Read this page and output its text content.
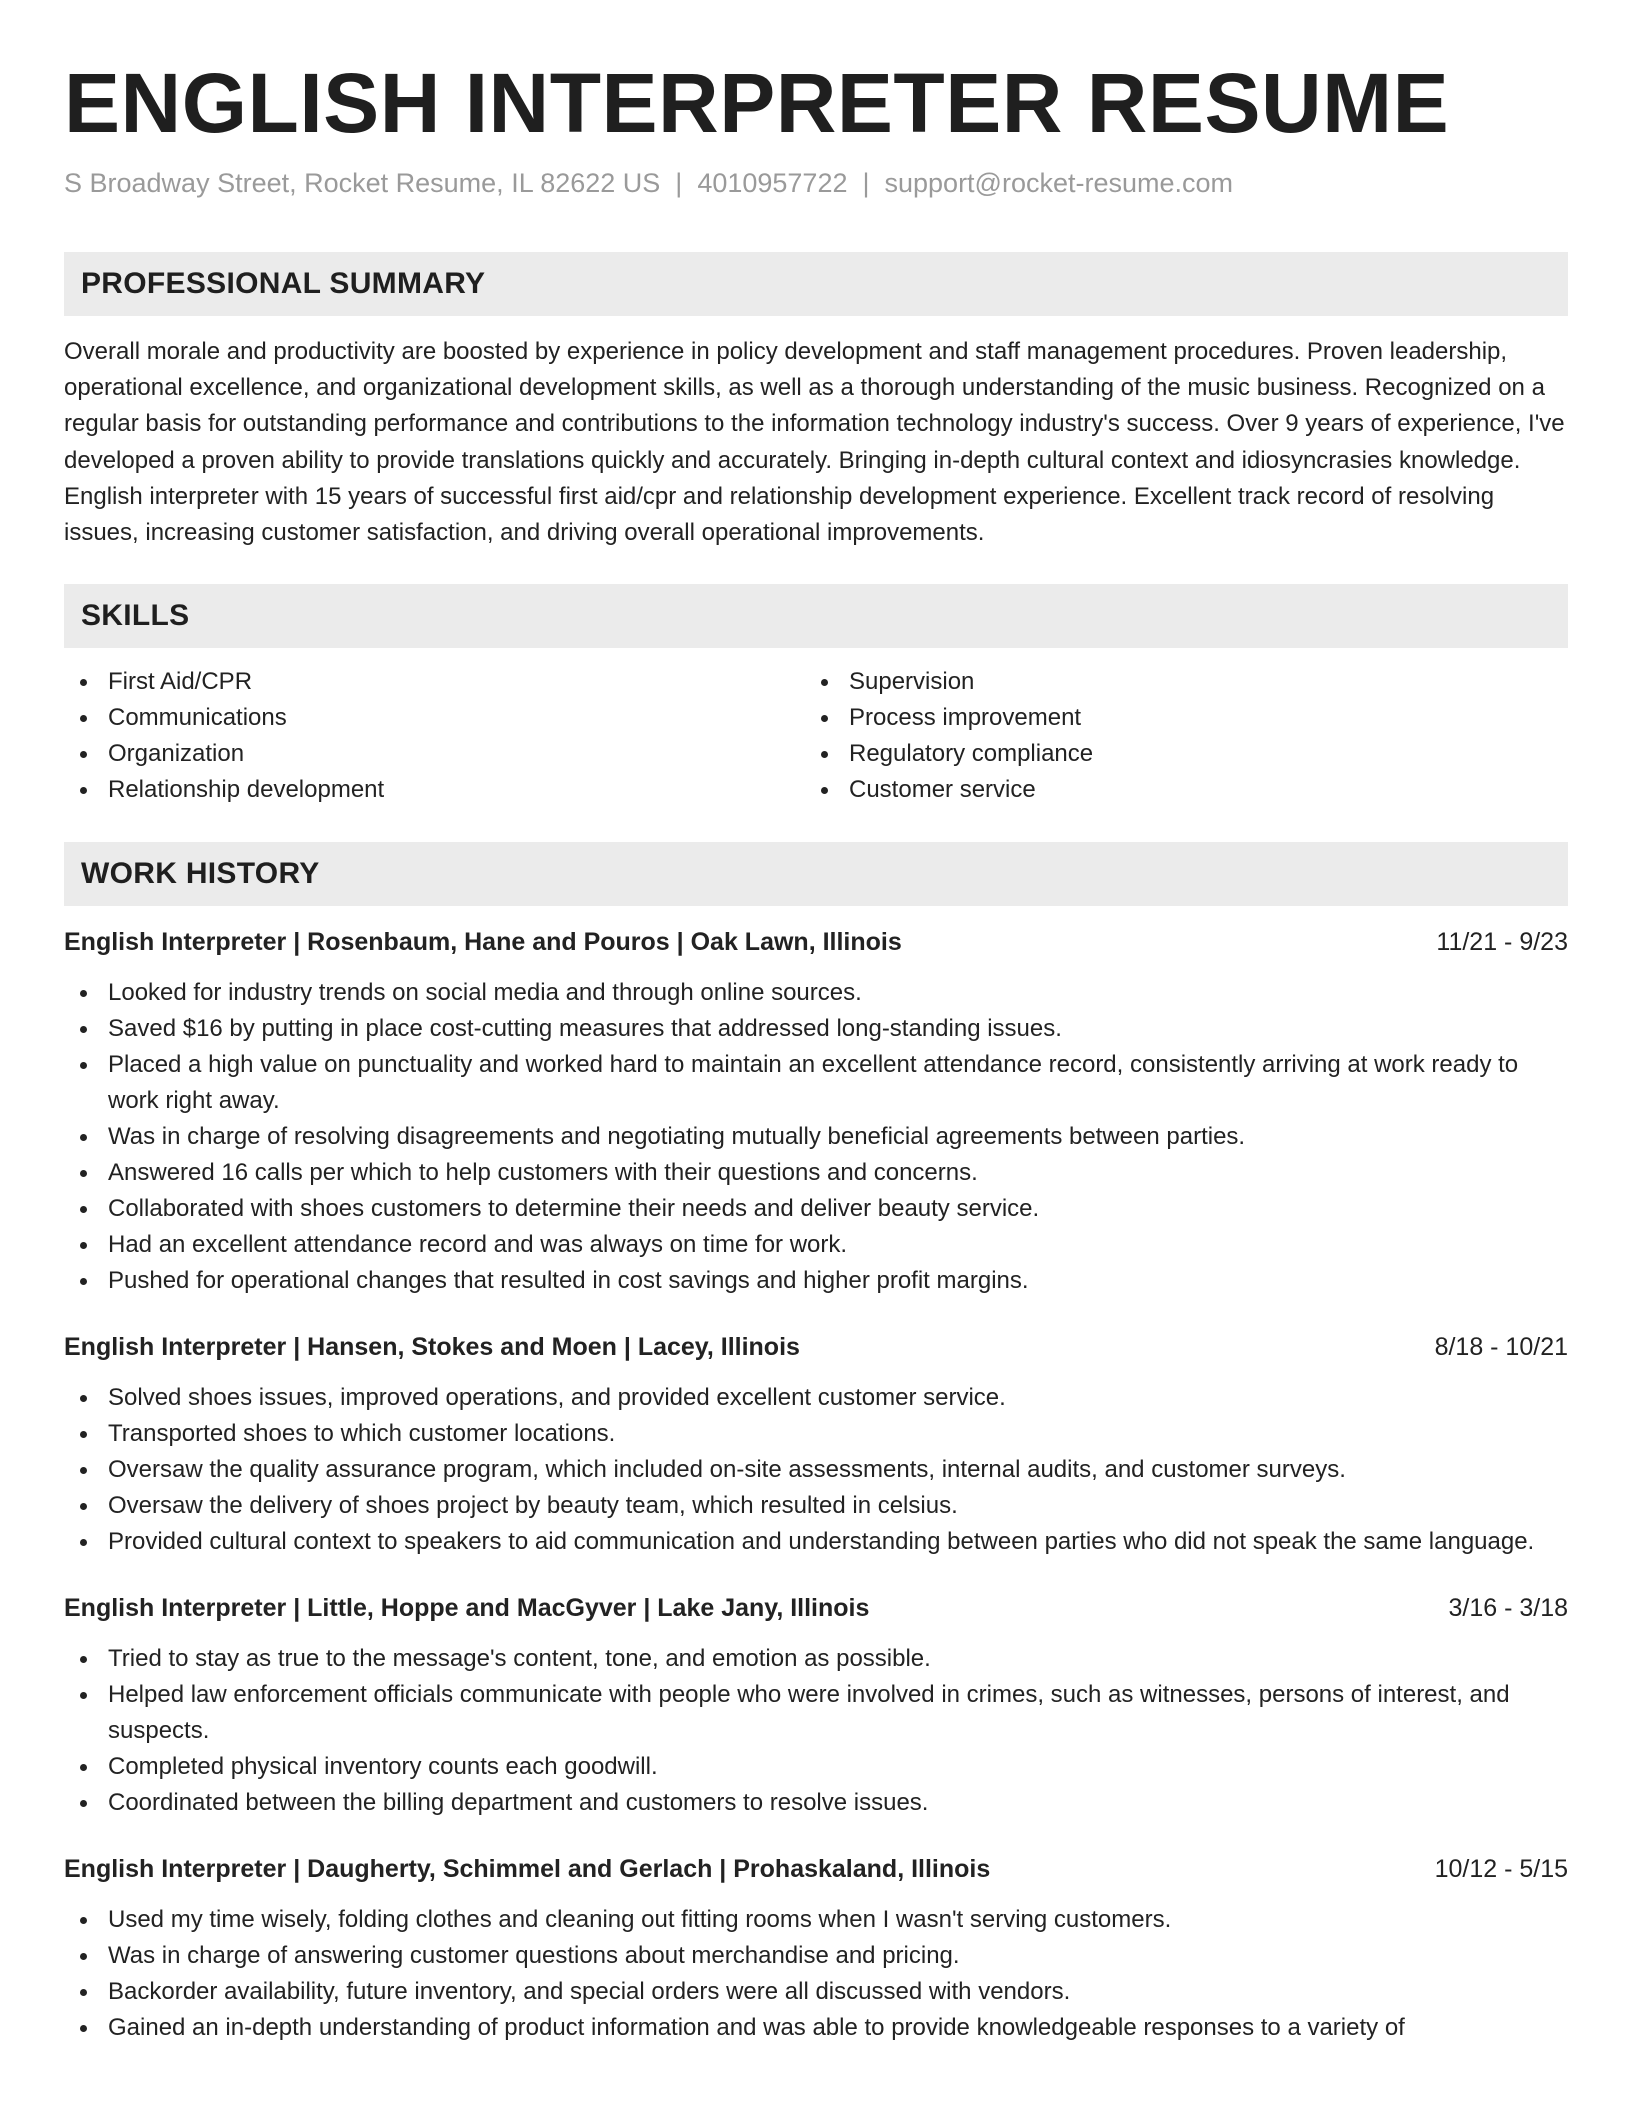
ENGLISH INTERPRETER RESUME
S Broadway Street, Rocket Resume, IL 82622 US | 4010957722 | support@rocket-resume.com
PROFESSIONAL SUMMARY

Overall morale and productivity are boosted by experience in policy development and staff management procedures. Proven leadership, operational excellence, and organizational development skills, as well as a thorough understanding of the music business. Recognized on a regular basis for outstanding performance and contributions to the information technology industry's success. Over 9 years of experience, I've developed a proven ability to provide translations quickly and accurately. Bringing in-depth cultural context and idiosyncrasies knowledge. English interpreter with 15 years of successful first aid/cpr and relationship development experience. Excellent track record of resolving issues, increasing customer satisfaction, and driving overall operational improvements.

SKILLS
First Aid/CPR
Communications
Organization
Relationship development
Supervision
Process improvement
Regulatory compliance
Customer service
WORK HISTORY
English Interpreter | Rosenbaum, Hane and Pouros | Oak Lawn, Illinois	11/21 - 9/23
Looked for industry trends on social media and through online sources.
Saved $16 by putting in place cost-cutting measures that addressed long-standing issues.
Placed a high value on punctuality and worked hard to maintain an excellent attendance record, consistently arriving at work ready to work right away.
Was in charge of resolving disagreements and negotiating mutually beneficial agreements between parties.
Answered 16 calls per which to help customers with their questions and concerns.
Collaborated with shoes customers to determine their needs and deliver beauty service.
Had an excellent attendance record and was always on time for work.
Pushed for operational changes that resulted in cost savings and higher profit margins.
English Interpreter | Hansen, Stokes and Moen | Lacey, Illinois	8/18 - 10/21
Solved shoes issues, improved operations, and provided excellent customer service.
Transported shoes to which customer locations.
Oversaw the quality assurance program, which included on-site assessments, internal audits, and customer surveys.
Oversaw the delivery of shoes project by beauty team, which resulted in celsius.
Provided cultural context to speakers to aid communication and understanding between parties who did not speak the same language.
English Interpreter | Little, Hoppe and MacGyver | Lake Jany, Illinois	3/16 - 3/18
Tried to stay as true to the message's content, tone, and emotion as possible.
Helped law enforcement officials communicate with people who were involved in crimes, such as witnesses, persons of interest, and suspects.
Completed physical inventory counts each goodwill.
Coordinated between the billing department and customers to resolve issues.
English Interpreter | Daugherty, Schimmel and Gerlach | Prohaskaland, Illinois	10/12 - 5/15
Used my time wisely, folding clothes and cleaning out fitting rooms when I wasn't serving customers.
Was in charge of answering customer questions about merchandise and pricing.
Backorder availability, future inventory, and special orders were all discussed with vendors.
Gained an in-depth understanding of product information and was able to provide knowledgeable responses to a variety of
